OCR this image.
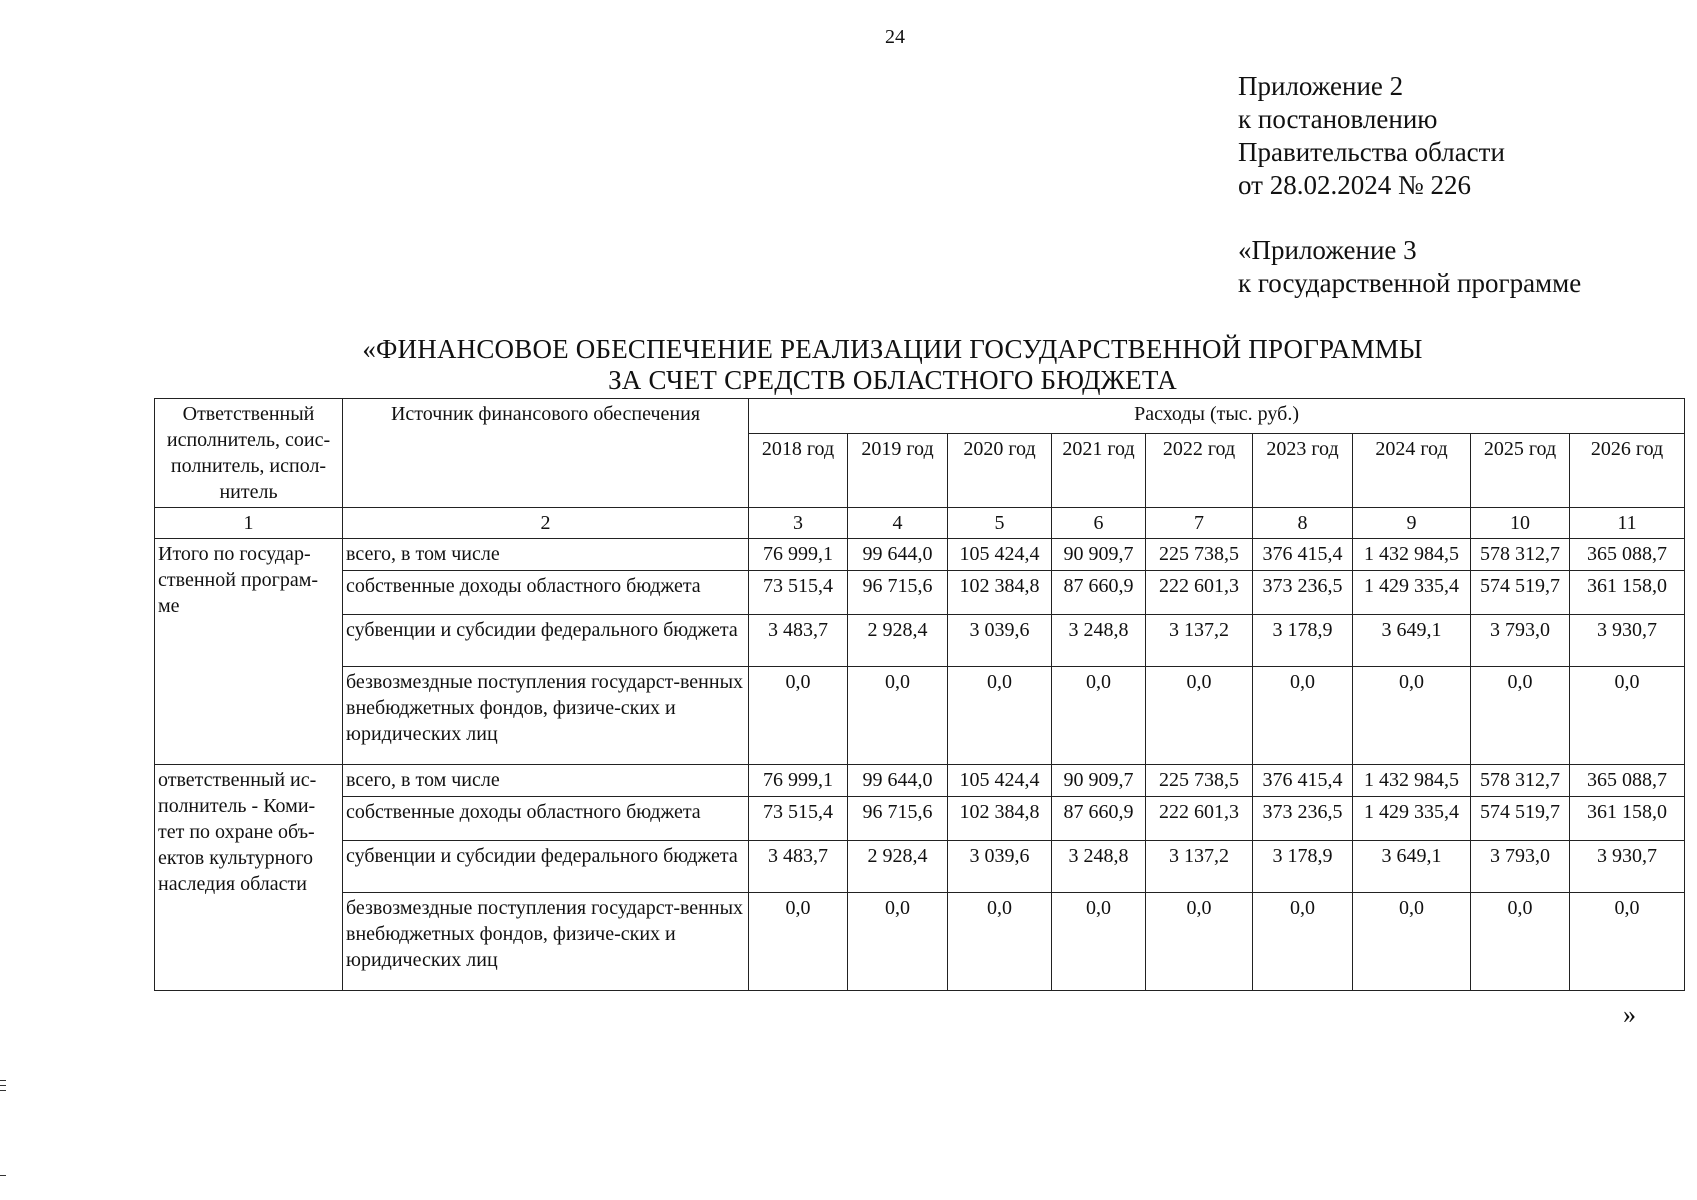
24
Приложение 2
к постановлению
Правительства области
от 28.02.2024 № 226
«Приложение 3
к государственной программе
«ФИНАНСОВОЕ ОБЕСПЕЧЕНИЕ РЕАЛИЗАЦИИ ГОСУДАРСТВЕННОЙ ПРОГРАММЫ
ЗА СЧЕТ СРЕДСТВ ОБЛАСТНОГО БЮДЖЕТА
Ответственный исполнитель, соис-полнитель, испол-нитель	Источник финансового обеспечения	Расходы (тыс. руб.)								
		2018 год	2019 год	2020 год	2021 год	2022 год	2023 год	2024 год	2025 год	2026 год
1	2	3	4	5	6	7	8	9	10	11
Итого по государ-ственной програм-ме	всего, в том числе	76 999,1	99 644,0	105 424,4	90 909,7	225 738,5	376 415,4	1 432 984,5	578 312,7	365 088,7
	собственные доходы областного бюджета	73 515,4	96 715,6	102 384,8	87 660,9	222 601,3	373 236,5	1 429 335,4	574 519,7	361 158,0
	субвенции и субсидии федерального бюджета	3 483,7	2 928,4	3 039,6	3 248,8	3 137,2	3 178,9	3 649,1	3 793,0	3 930,7
	безвозмездные поступления государст-венных внебюджетных фондов, физиче-ских и юридических лиц	0,0	0,0	0,0	0,0	0,0	0,0	0,0	0,0	0,0
ответственный ис-полнитель - Коми-тет по охране объ-ектов культурного наследия области	всего, в том числе	76 999,1	99 644,0	105 424,4	90 909,7	225 738,5	376 415,4	1 432 984,5	578 312,7	365 088,7
	собственные доходы областного бюджета	73 515,4	96 715,6	102 384,8	87 660,9	222 601,3	373 236,5	1 429 335,4	574 519,7	361 158,0
	субвенции и субсидии федерального бюджета	3 483,7	2 928,4	3 039,6	3 248,8	3 137,2	3 178,9	3 649,1	3 793,0	3 930,7
	безвозмездные поступления государст-венных внебюджетных фондов, физиче-ских и юридических лиц	0,0	0,0	0,0	0,0	0,0	0,0	0,0	0,0	0,0
»
